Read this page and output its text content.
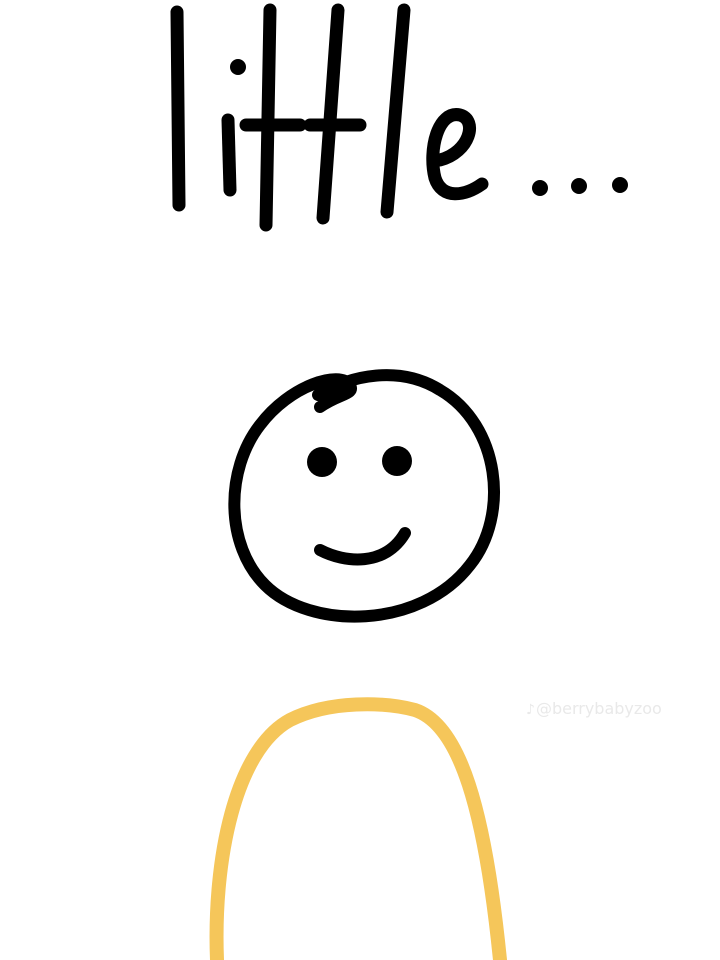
♪@berrybabyzoo
